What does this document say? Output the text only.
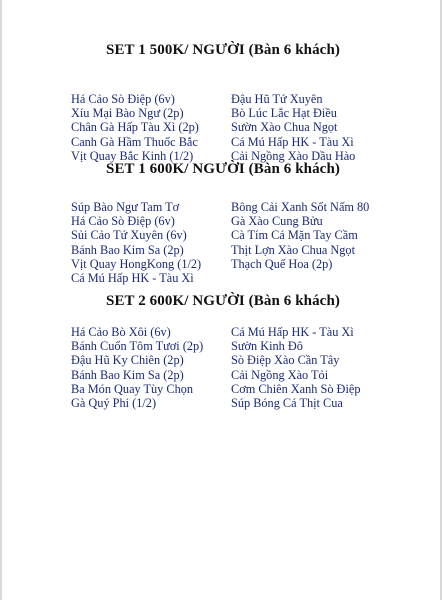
SET 1 500K/ NGƯỜI (Bàn 6 khách)
Há Cảo Sò Điệp (6v)
Xíu Mại Bào Ngư (2p)
Chân Gà Hấp Tàu Xì (2p)
Canh Gà Hầm Thuốc Bắc
Vịt Quay Bắc Kinh (1/2)
Đậu Hũ Tứ Xuyên
Bò Lúc Lắc Hạt Điều
Sườn Xào Chua Ngọt
Cá Mú Hấp HK - Tàu Xì
Cải Ngồng Xào Dầu Hào
SET 1 600K/ NGƯỜI (Bàn 6 khách)
Súp Bào Ngư Tam Tơ
Há Cảo Sò Điệp (6v)
Sủi Cảo Tứ Xuyên (6v)
Bánh Bao Kim Sa (2p)
Vịt Quay HongKong (1/2)
Cá Mú Hấp HK - Tàu Xì
Bông Cải Xanh Sốt Nấm 80
Gà Xào Cung Bửu
Cà Tím Cá Mặn Tay Cầm
Thịt Lợn Xào Chua Ngọt
Thạch Quế Hoa (2p)
SET 2 600K/ NGƯỜI (Bàn 6 khách)
Há Cảo Bò Xôi (6v)
Bánh Cuốn Tôm Tươi (2p)
Đậu Hũ Ky Chiên (2p)
Bánh Bao Kim Sa (2p)
Ba Món Quay Tùy Chọn
Gà Quý Phi (1/2)
Cá Mú Hấp HK - Tàu Xì
Sườn Kinh Đô
Sò Điệp Xào Cần Tây
Cải Ngồng Xào Tỏi
Cơm Chiên Xanh Sò Điệp
Súp Bóng Cá Thịt Cua
